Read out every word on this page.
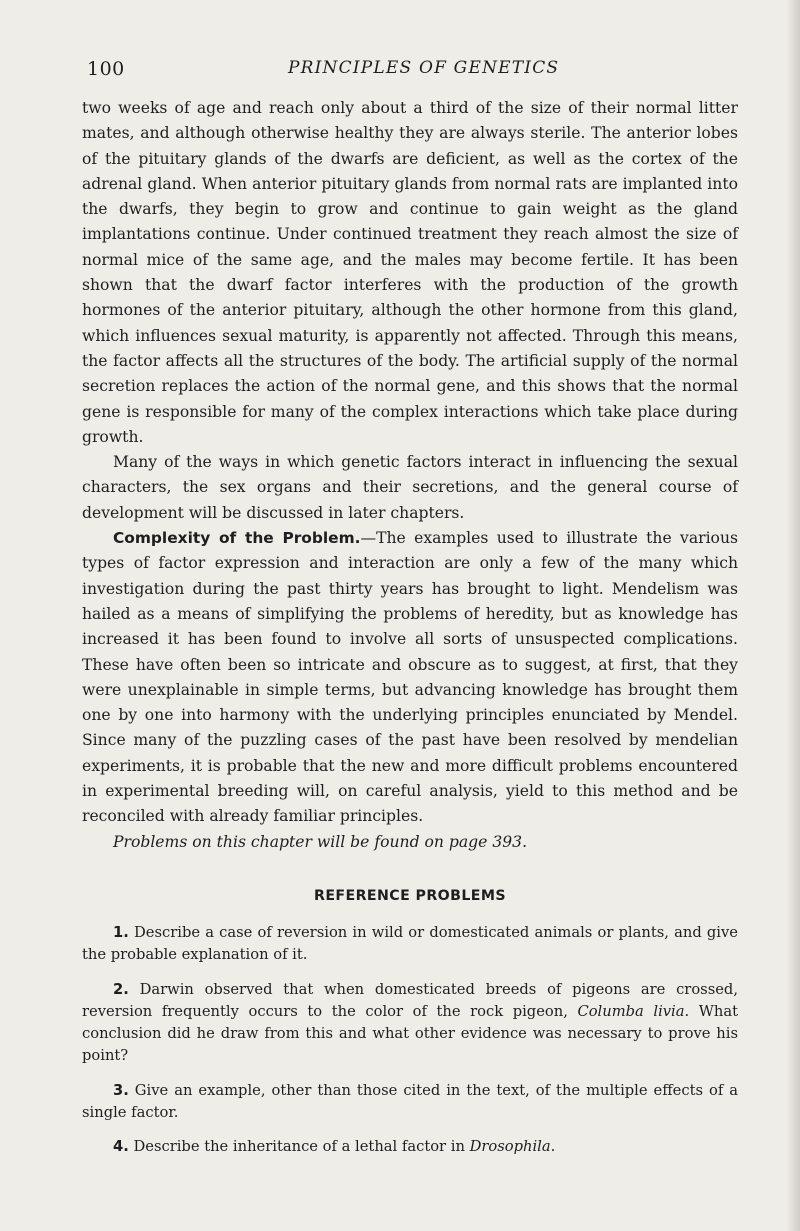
100	PRINCIPLES OF GENETICS

two weeks of age and reach only about a third of the size of their normal litter mates, and although otherwise healthy they are always sterile. The anterior lobes of the pituitary glands of the dwarfs are deficient, as well as the cortex of the adrenal gland. When anterior pituitary glands from normal rats are implanted into the dwarfs, they begin to grow and continue to gain weight as the gland implantations continue. Under continued treatment they reach almost the size of normal mice of the same age, and the males may become fertile. It has been shown that the dwarf factor interferes with the production of the growth hormones of the anterior pituitary, although the other hormone from this gland, which influences sexual maturity, is apparently not affected. Through this means, the factor affects all the structures of the body. The artificial supply of the normal secretion replaces the action of the normal gene, and this shows that the normal gene is responsible for many of the complex interactions which take place during growth.

Many of the ways in which genetic factors interact in influencing the sexual characters, the sex organs and their secretions, and the general course of development will be discussed in later chapters.

Complexity of the Problem.—The examples used to illustrate the various types of factor expression and interaction are only a few of the many which investigation during the past thirty years has brought to light. Mendelism was hailed as a means of simplifying the problems of heredity, but as knowledge has increased it has been found to involve all sorts of unsuspected complications. These have often been so intricate and obscure as to suggest, at first, that they were unexplainable in simple terms, but advancing knowledge has brought them one by one into harmony with the underlying principles enunciated by Mendel. Since many of the puzzling cases of the past have been resolved by mendelian experiments, it is probable that the new and more difficult problems encountered in experimental breeding will, on careful analysis, yield to this method and be reconciled with already familiar principles.

Problems on this chapter will be found on page 393.

REFERENCE PROBLEMS

1. Describe a case of reversion in wild or domesticated animals or plants, and give the probable explanation of it.

2. Darwin observed that when domesticated breeds of pigeons are crossed, reversion frequently occurs to the color of the rock pigeon, Columba livia. What conclusion did he draw from this and what other evidence was necessary to prove his point?

3. Give an example, other than those cited in the text, of the multiple effects of a single factor.

4. Describe the inheritance of a lethal factor in Drosophila.
